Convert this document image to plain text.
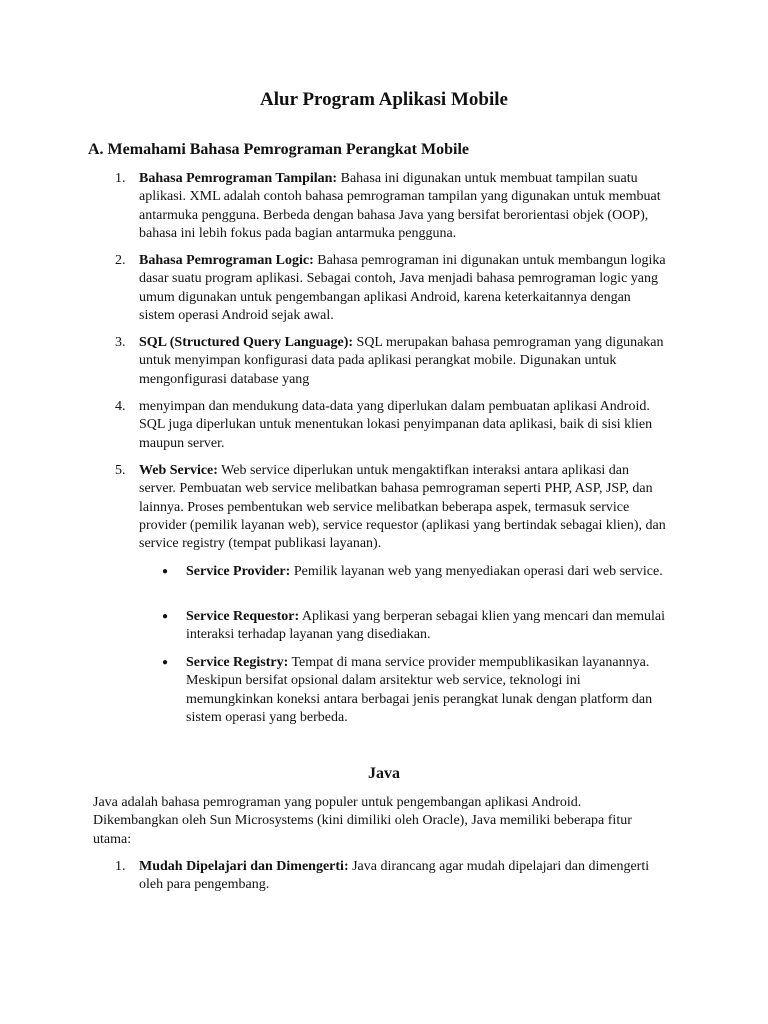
Alur Program Aplikasi Mobile
A. Memahami Bahasa Pemrograman Perangkat Mobile
1. Bahasa Pemrograman Tampilan: Bahasa ini digunakan untuk membuat tampilan suatu aplikasi. XML adalah contoh bahasa pemrograman tampilan yang digunakan untuk membuat antarmuka pengguna. Berbeda dengan bahasa Java yang bersifat berorientasi objek (OOP), bahasa ini lebih fokus pada bagian antarmuka pengguna.
2. Bahasa Pemrograman Logic: Bahasa pemrograman ini digunakan untuk membangun logika dasar suatu program aplikasi. Sebagai contoh, Java menjadi bahasa pemrograman logic yang umum digunakan untuk pengembangan aplikasi Android, karena keterkaitannya dengan sistem operasi Android sejak awal.
3. SQL (Structured Query Language): SQL merupakan bahasa pemrograman yang digunakan untuk menyimpan konfigurasi data pada aplikasi perangkat mobile. Digunakan untuk mengonfigurasi database yang
4. menyimpan dan mendukung data-data yang diperlukan dalam pembuatan aplikasi Android. SQL juga diperlukan untuk menentukan lokasi penyimpanan data aplikasi, baik di sisi klien maupun server.
5. Web Service: Web service diperlukan untuk mengaktifkan interaksi antara aplikasi dan server. Pembuatan web service melibatkan bahasa pemrograman seperti PHP, ASP, JSP, dan lainnya. Proses pembentukan web service melibatkan beberapa aspek, termasuk service provider (pemilik layanan web), service requestor (aplikasi yang bertindak sebagai klien), dan service registry (tempat publikasi layanan).
● Service Provider: Pemilik layanan web yang menyediakan operasi dari web service.
● Service Requestor: Aplikasi yang berperan sebagai klien yang mencari dan memulai interaksi terhadap layanan yang disediakan.
● Service Registry: Tempat di mana service provider mempublikasikan layanannya. Meskipun bersifat opsional dalam arsitektur web service, teknologi ini memungkinkan koneksi antara berbagai jenis perangkat lunak dengan platform dan sistem operasi yang berbeda.
Java
Java adalah bahasa pemrograman yang populer untuk pengembangan aplikasi Android. Dikembangkan oleh Sun Microsystems (kini dimiliki oleh Oracle), Java memiliki beberapa fitur utama:
1. Mudah Dipelajari dan Dimengerti: Java dirancang agar mudah dipelajari dan dimengerti oleh para pengembang.
